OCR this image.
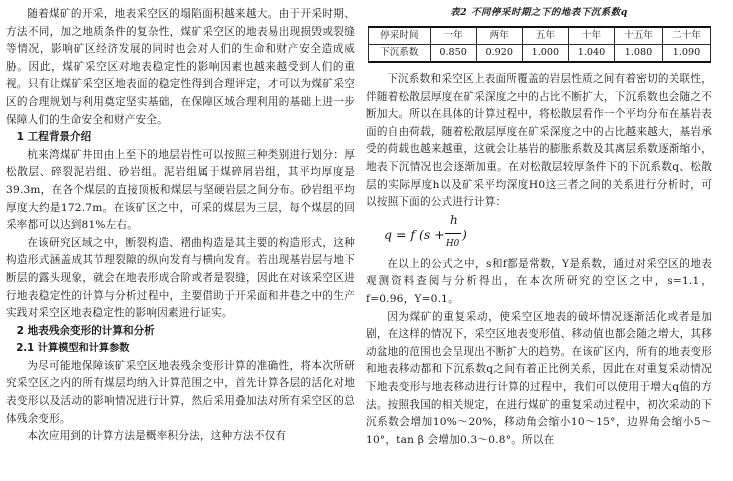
随着煤矿的开采，地表采空区的塌陷面积越来越大。由于开采时期、方法不同，加之地质条件的复杂性，煤矿采空区的地表易出现损毁或裂缝等情况，影响矿区经济发展的同时也会对人们的生命和财产安全造成威胁。因此，煤矿采空区对地表稳定性的影响因素也越来越受到人们的重视。只有让煤矿采空区地表面的稳定性得到合理评定，才可以为煤矿采空区的合理规划与利用奠定坚实基础，在保障区域合理利用的基础上进一步保障人们的生命安全和财产安全。

1 工程背景介绍

杭来湾煤矿井田由上至下的地层岩性可以按照三种类别进行划分：厚松散层、碎裂泥岩组、砂岩组。泥岩组属于煤碎屑岩组，其平均厚度是39.3m，在各个煤层的直接顶板和煤层与坚硬岩层之间分布。砂岩组平均厚度大约是172.7m。在该矿区之中，可采的煤层为三层，每个煤层的回采率都可以达到81%左右。

在该研究区域之中，断裂构造、褶曲构造是其主要的构造形式，这种构造形式涵盖成其节理裂隙的纵向发育与横向发育。若出现基岩层与地下断层的露头现象，就会在地表形成合阶或者是裂缝，因此在对该采空区进行地表稳定性的计算与分析过程中，主要借助于开采面和井巷之中的生产实践对采空区地表稳定性的影响因素进行证实。

2 地表残余变形的计算和分析

2.1 计算模型和计算参数

为尽可能地保障该矿采空区地表残余变形计算的准确性，将本次所研究采空区之内的所有煤层均纳入计算范围之中，首先计算各层的活化对地表变形以及活动的影响情况进行计算，然后采用叠加法对所有采空区的总体残余变形。

本次应用到的计算方法是概率积分法，这种方法不仅有

表2 不同停采时期之下的地表下沉系数q

停采时间	一年	两年	五年	十年	十五年	二十年
下沉系数	0.850	0.920	1.000	1.040	1.080	1.090

下沉系数和采空区上表面所覆盖的岩层性质之间有着密切的关联性，伴随着松散层厚度在矿采深度之中的占比不断扩大，下沉系数也会随之不断加大。所以在具体的计算过程中，将松散层看作一个平均分布在基岩表面的自由荷载，随着松散层厚度在矿采深度之中的占比越来越大，基岩承受的荷载也越来越重，这就会让基岩的膨胀系数及其离层系数逐渐缩小，地表下沉情况也会逐渐加重。在对松散层较厚条件下的下沉系数q、松散层的实际厚度h以及矿采平均深度H0这三者之间的关系进行分析时，可以按照下面的公式进行计算：

q = f (s +
h
H0
)

在以上的公式之中，s和f都是常数，Y是系数，通过对采空区的地表观测资料查阅与分析得出，在本次所研究的空区之中，s=1.1，f=0.96，Y=0.1。

因为煤矿的重复采动，使采空区地表的破坏情况逐渐活化或者是加剧，在这样的情况下，采空区地表变形值、移动值也都会随之增大，其移动盆地的范围也会呈现出不断扩大的趋势。在该矿区内，所有的地表变形和地表移动都和下沉系数q之间有着正比例关系，因此在对重复采动情况下地表变形与地表移动进行计算的过程中，我们可以使用于增大q值的方法。按照我国的相关规定，在进行煤矿的重复采动过程中，初次采动的下沉系数会增加10%～20%，移动角会缩小10～15°，边界角会缩小5～10°，tan β 会增加0.3～0.8°。所以在
